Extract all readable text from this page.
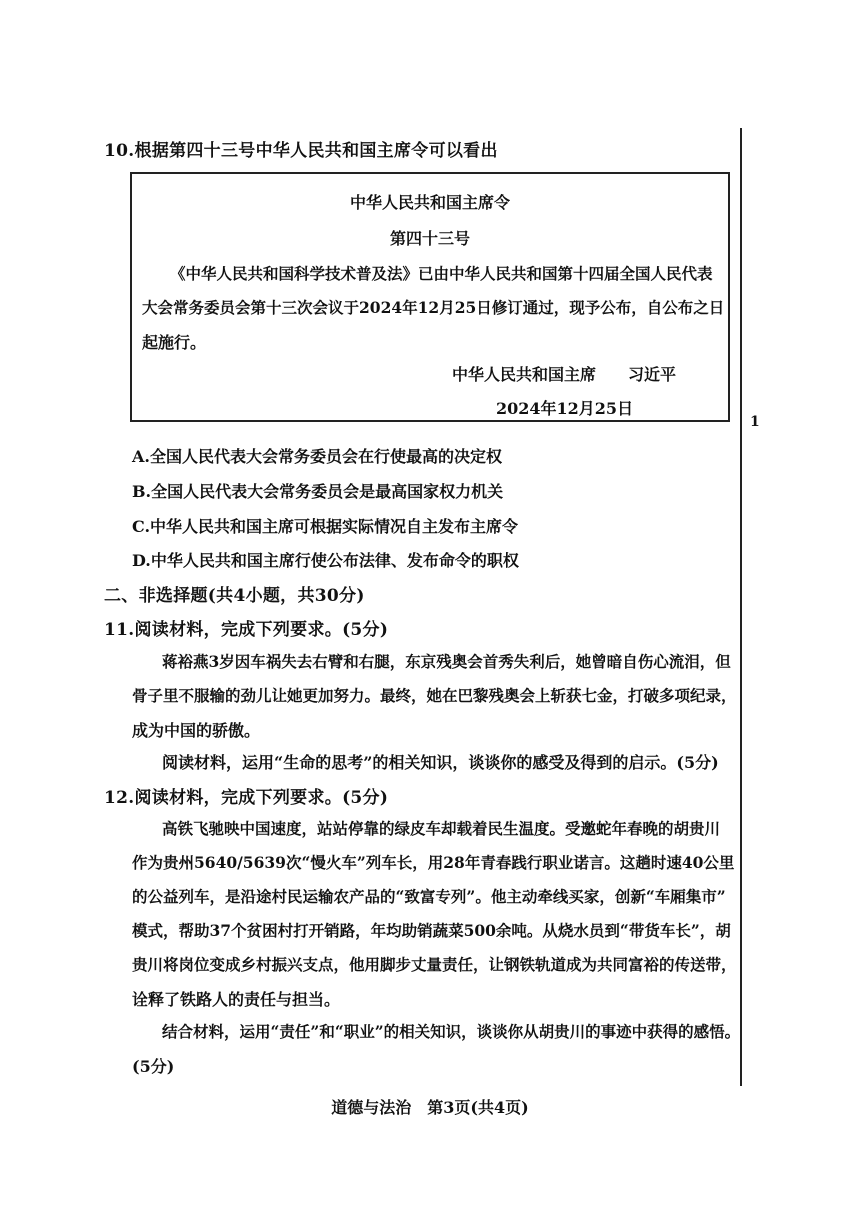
1
10.根据第四十三号中华人民共和国主席令可以看出
中华人民共和国主席令
第四十三号
《中华人民共和国科学技术普及法》已由中华人民共和国第十四届全国人民代表
大会常务委员会第十三次会议于2024年12月25日修订通过，现予公布，自公布之日
起施行。
中华人民共和国主席 习近平
2024年12月25日
A.全国人民代表大会常务委员会在行使最高的决定权
B.全国人民代表大会常务委员会是最高国家权力机关
C.中华人民共和国主席可根据实际情况自主发布主席令
D.中华人民共和国主席行使公布法律、发布命令的职权
二、非选择题(共4小题，共30分)
11.阅读材料，完成下列要求。(5分)
蒋裕燕3岁因车祸失去右臂和右腿，东京残奥会首秀失利后，她曾暗自伤心流泪，但
骨子里不服输的劲儿让她更加努力。最终，她在巴黎残奥会上斩获七金，打破多项纪录，
成为中国的骄傲。
阅读材料，运用“生命的思考”的相关知识，谈谈你的感受及得到的启示。(5分)
12.阅读材料，完成下列要求。(5分)
高铁飞驰映中国速度，站站停靠的绿皮车却载着民生温度。受邀蛇年春晚的胡贵川
作为贵州5640/5639次“慢火车”列车长，用28年青春践行职业诺言。这趟时速40公里
的公益列车，是沿途村民运输农产品的“致富专列”。他主动牵线买家，创新“车厢集市”
模式，帮助37个贫困村打开销路，年均助销蔬菜500余吨。从烧水员到“带货车长”，胡
贵川将岗位变成乡村振兴支点，他用脚步丈量责任，让钢铁轨道成为共同富裕的传送带，
诠释了铁路人的责任与担当。
结合材料，运用“责任”和“职业”的相关知识，谈谈你从胡贵川的事迹中获得的感悟。
(5分)
道德与法治　第3页(共4页)
